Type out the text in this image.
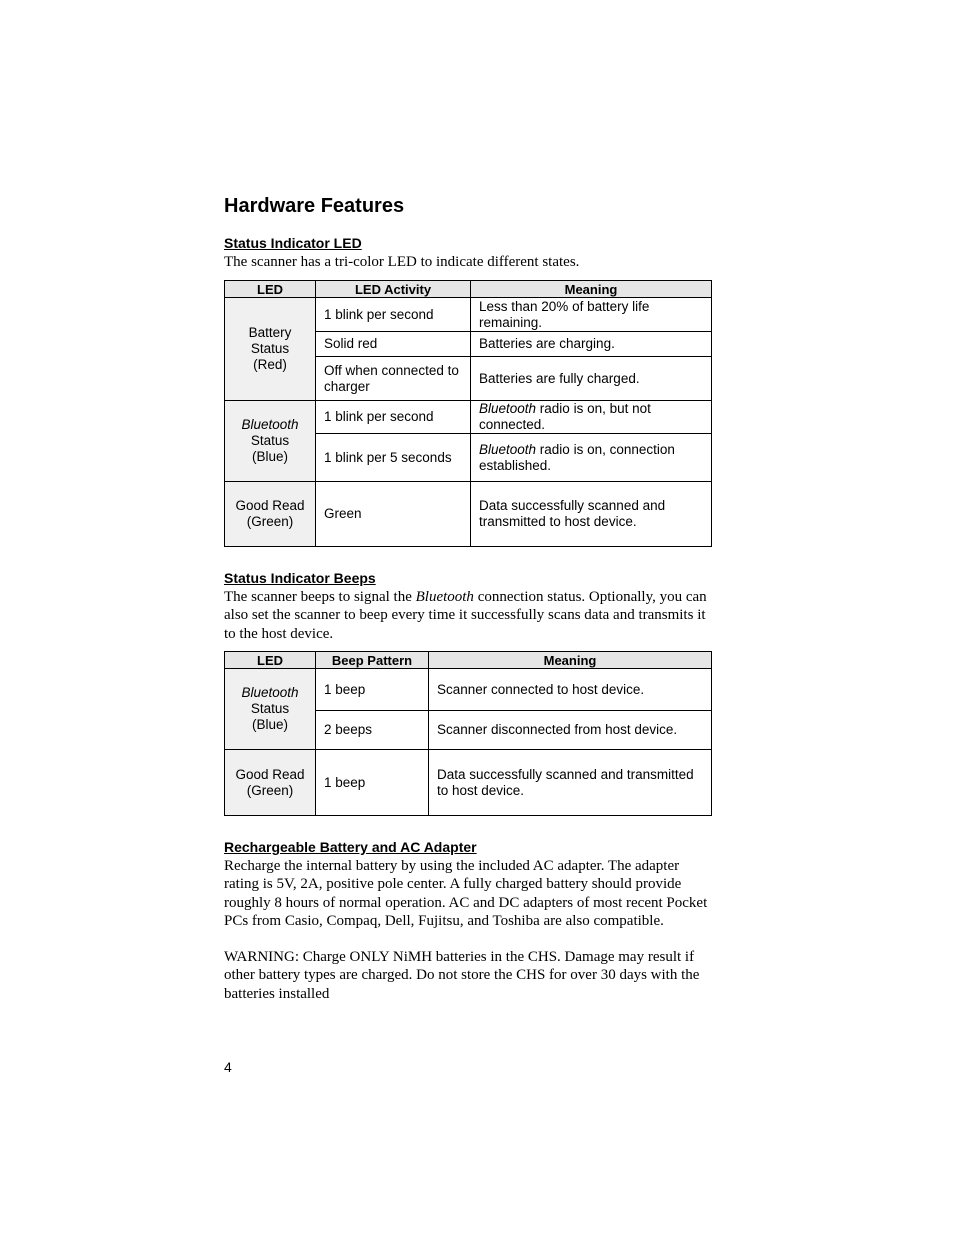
Hardware Features
Status Indicator LED
The scanner has a tri-color LED to indicate different states.
LED	LED Activity	Meaning

Battery
Status
(Red)	1 blink per second	Less than 20% of battery life remaining.
	Solid red	Batteries are charging.
	Off when connected to charger	Batteries are fully charged.

Bluetooth
Status
(Blue)	1 blink per second	Bluetooth radio is on, but not connected.
	1 blink per 5 seconds	Bluetooth radio is on, connection established.

Good Read
(Green)	Green	Data successfully scanned and transmitted to host device.
Status Indicator Beeps
The scanner beeps to signal the Bluetooth connection status. Optionally, you can also set the scanner to beep every time it successfully scans data and transmits it to the host device.
LED	Beep Pattern	Meaning

Bluetooth
Status
(Blue)	1 beep	Scanner connected to host device.
	2 beeps	Scanner disconnected from host device.

Good Read
(Green)	1 beep	Data successfully scanned and transmitted to host device.
Rechargeable Battery and AC Adapter

Recharge the internal battery by using the included AC adapter. The adapter rating is 5V, 2A, positive pole center. A fully charged battery should provide roughly 8 hours of normal operation. AC and DC adapters of most recent Pocket PCs from Casio, Compaq, Dell, Fujitsu, and Toshiba are also compatible.

WARNING: Charge ONLY NiMH batteries in the CHS. Damage may result if other battery types are charged. Do not store the CHS for over 30 days with the batteries installed

4
